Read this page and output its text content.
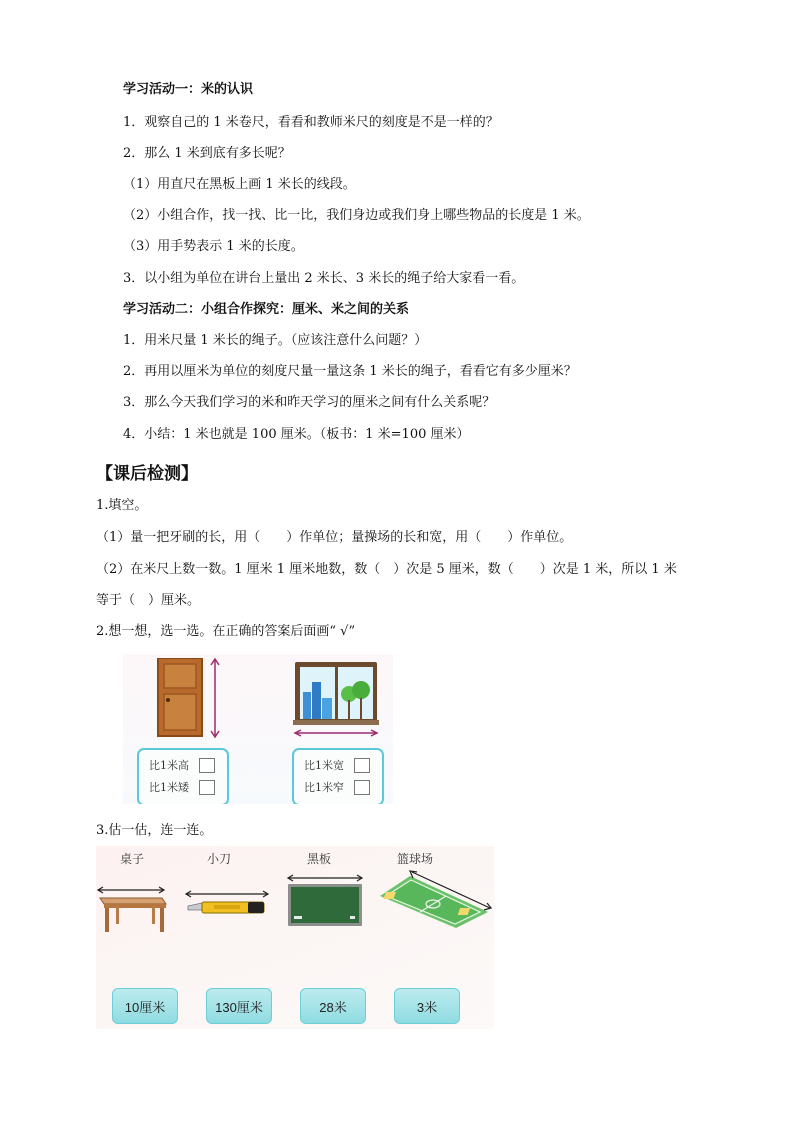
学习活动一：米的认识
1．观察自己的 1 米卷尺，看看和教师米尺的刻度是不是一样的？
2．那么 1 米到底有多长呢？
（1）用直尺在黑板上画 1 米长的线段。
（2）小组合作，找一找、比一比，我们身边或我们身上哪些物品的长度是 1 米。
（3）用手势表示 1 米的长度。
3．以小组为单位在讲台上量出 2 米长、3 米长的绳子给大家看一看。
学习活动二：小组合作探究：厘米、米之间的关系
1．用米尺量 1 米长的绳子。（应该注意什么问题？）
2．再用以厘米为单位的刻度尺量一量这条 1 米长的绳子，看看它有多少厘米？
3．那么今天我们学习的米和昨天学习的厘米之间有什么关系呢？
4．小结：1 米也就是 100 厘米。（板书：1 米=100 厘米）
【课后检测】
1.填空。
（1）量一把牙刷的长，用（　　）作单位；量操场的长和宽，用（　　）作单位。
（2）在米尺上数一数。1 厘米 1 厘米地数，数（　）次是 5 厘米，数（　　）次是 1 米，所以 1 米
等于（　）厘米。
2.想一想，选一选。在正确的答案后面画“ √”
比1米高
比1米矮
比1米宽
比1米窄
3.估一估，连一连。
桌子	小刀	黑板	篮球场
10厘米	130厘米	28米	3米
